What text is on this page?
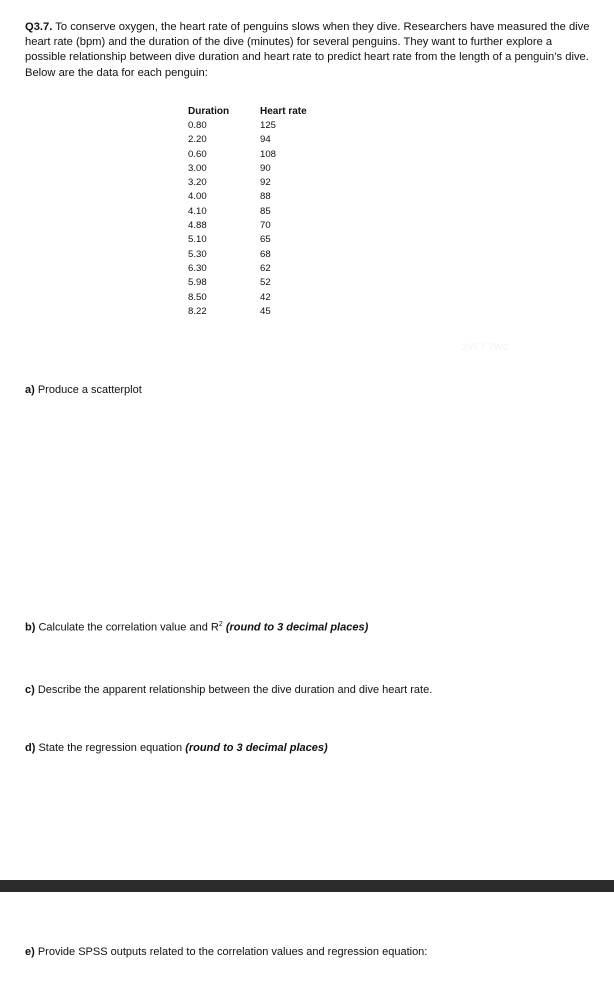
Q3.7. To conserve oxygen, the heart rate of penguins slows when they dive. Researchers have measured the dive heart rate (bpm) and the duration of the dive (minutes) for several penguins. They want to further explore a possible relationship between dive duration and heart rate to predict heart rate from the length of a penguin’s dive. Below are the data for each penguin:
Duration	Heart rate
0.80	125
2.20	94
0.60	108
3.00	90
3.20	92
4.00	88
4.10	85
4.88	70
5.10	65
5.30	68
6.30	62
5.98	52
8.50	42
8.22	45
3VF7 7W0
a) Produce a scatterplot
b) Calculate the correlation value and $R^2$ (round to 3 decimal places)
c) Describe the apparent relationship between the dive duration and dive heart rate.
d) State the regression equation (round to 3 decimal places)
e) Provide SPSS outputs related to the correlation values and regression equation:
